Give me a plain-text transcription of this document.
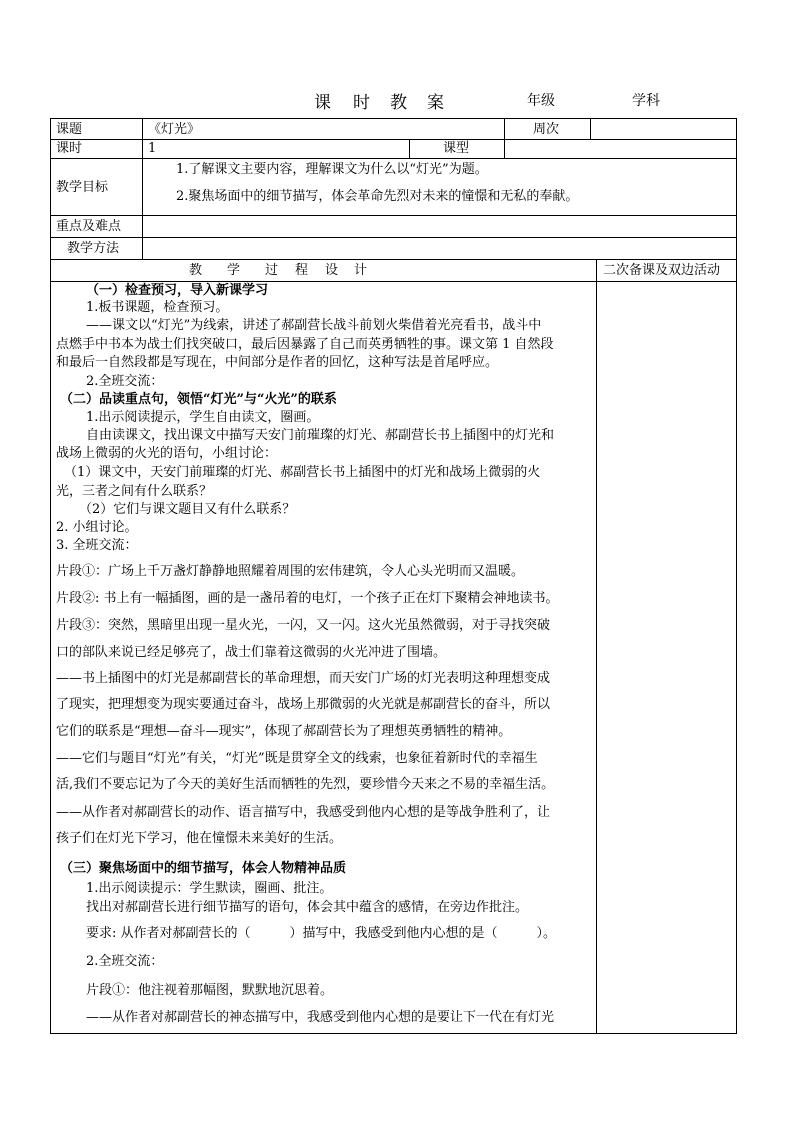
课 时 教 案	年级	学科
课题	《灯光》	周次
课时	1	课型
教学目标
1.了解课文主要内容，理解课文为什么以“灯光”为题。
2.聚焦场面中的细节描写，体会革命先烈对未来的憧憬和无私的奉献。
重点及难点
教学方法
教 学 过 程 设 计	二次备课及双边活动
（一）检查预习，导入新课学习
1.板书课题，检查预习。
——课文以“灯光”为线索，讲述了郝副营长战斗前划火柴借着光亮看书，战斗中
点燃手中书本为战士们找突破口，最后因暴露了自己而英勇牺牲的事。课文第 1 自然段
和最后一自然段都是写现在，中间部分是作者的回忆，这种写法是首尾呼应。
2.全班交流：
（二）品读重点句，领悟“灯光”与“火光”的联系
1.出示阅读提示，学生自由读文，圈画。
自由读课文，找出课文中描写天安门前璀璨的灯光、郝副营长书上插图中的灯光和
战场上微弱的火光的语句，小组讨论：
（1）课文中，天安门前璀璨的灯光、郝副营长书上插图中的灯光和战场上微弱的火
光，三者之间有什么联系？
（2）它们与课文题目又有什么联系？
2. 小组讨论。
3. 全班交流：
片段①：广场上千万盏灯静静地照耀着周围的宏伟建筑，令人心头光明而又温暖。
片段②: 书上有一幅插图，画的是一盏吊着的电灯，一个孩子正在灯下聚精会神地读书。
片段③：突然，黑暗里出现一星火光，一闪，又一闪。这火光虽然微弱，对于寻找突破
口的部队来说已经足够亮了，战士们靠着这微弱的火光冲进了围墙。
——书上插图中的灯光是郝副营长的革命理想，而天安门广场的灯光表明这种理想变成
了现实，把理想变为现实要通过奋斗，战场上那微弱的火光就是郝副营长的奋斗，所以
它们的联系是“理想—奋斗—现实”，体现了郝副营长为了理想英勇牺牲的精神。
——它们与题目“灯光”有关，“灯光”既是贯穿全文的线索，也象征着新时代的幸福生
活,我们不要忘记为了今天的美好生活而牺牲的先烈，要珍惜今天来之不易的幸福生活。
——从作者对郝副营长的动作、语言描写中，我感受到他内心想的是等战争胜利了，让
孩子们在灯光下学习，他在憧憬未来美好的生活。
（三）聚焦场面中的细节描写，体会人物精神品质
1.出示阅读提示：学生默读，圈画、批注。
找出对郝副营长进行细节描写的语句，体会其中蕴含的感情，在旁边作批注。
要求: 从作者对郝副营长的（　　　）描写中，我感受到他内心想的是（　　　）。
2.全班交流：
片段①：他注视着那幅图，默默地沉思着。
——从作者对郝副营长的神态描写中，我感受到他内心想的是要让下一代在有灯光
